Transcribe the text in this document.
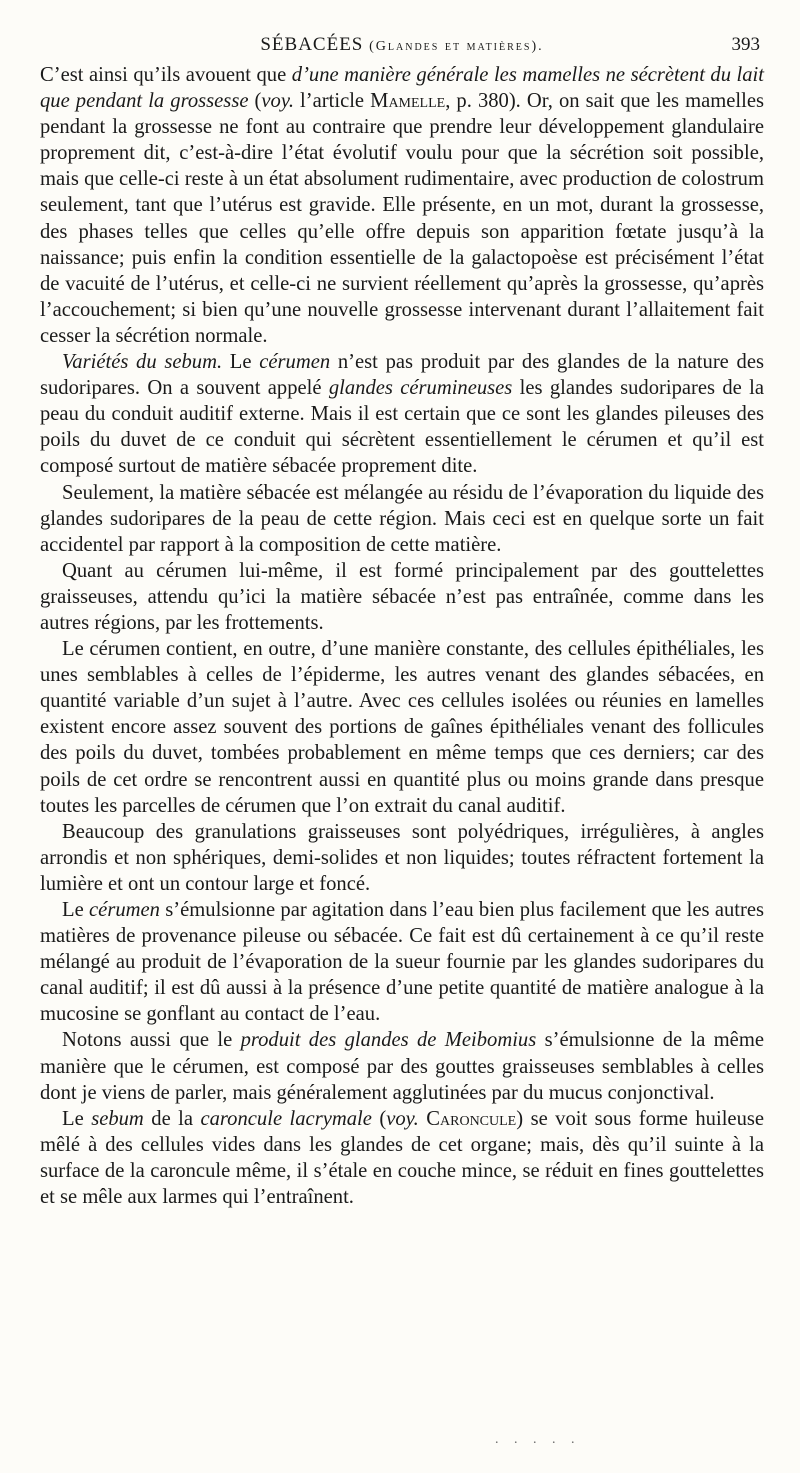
SÉBACÉES (Glandes et matières).	393

C’est ainsi qu’ils avouent que d’une manière générale les mamelles ne sécrètent du lait que pendant la grossesse (voy. l’article Mamelle, p. 380). Or, on sait que les mamelles pendant la grossesse ne font au contraire que prendre leur développement glandulaire proprement dit, c’est-à-dire l’état évolutif voulu pour que la sécrétion soit possible, mais que celle-ci reste à un état absolument rudimentaire, avec production de colostrum seulement, tant que l’utérus est gravide. Elle présente, en un mot, durant la grossesse, des phases telles que celles qu’elle offre depuis son apparition fœtate jusqu’à la naissance; puis enfin la condition essentielle de la galactopoèse est précisément l’état de vacuité de l’utérus, et celle-ci ne survient réellement qu’après la grossesse, qu’après l’accouchement; si bien qu’une nouvelle grossesse intervenant durant l’allaitement fait cesser la sécrétion normale.

Variétés du sebum. Le cérumen n’est pas produit par des glandes de la nature des sudoripares. On a souvent appelé glandes cérumineuses les glandes sudoripares de la peau du conduit auditif externe. Mais il est certain que ce sont les glandes pileuses des poils du duvet de ce conduit qui sécrètent essentiellement le cérumen et qu’il est composé surtout de matière sébacée proprement dite.

Seulement, la matière sébacée est mélangée au résidu de l’évaporation du liquide des glandes sudoripares de la peau de cette région. Mais ceci est en quelque sorte un fait accidentel par rapport à la composition de cette matière.

Quant au cérumen lui-même, il est formé principalement par des gouttelettes graisseuses, attendu qu’ici la matière sébacée n’est pas entraînée, comme dans les autres régions, par les frottements.

Le cérumen contient, en outre, d’une manière constante, des cellules épithéliales, les unes semblables à celles de l’épiderme, les autres venant des glandes sébacées, en quantité variable d’un sujet à l’autre. Avec ces cellules isolées ou réunies en lamelles existent encore assez souvent des portions de gaînes épithéliales venant des follicules des poils du duvet, tombées probablement en même temps que ces derniers; car des poils de cet ordre se rencontrent aussi en quantité plus ou moins grande dans presque toutes les parcelles de cérumen que l’on extrait du canal auditif.

Beaucoup des granulations graisseuses sont polyédriques, irrégulières, à angles arrondis et non sphériques, demi-solides et non liquides; toutes réfractent fortement la lumière et ont un contour large et foncé.

Le cérumen s’émulsionne par agitation dans l’eau bien plus facilement que les autres matières de provenance pileuse ou sébacée. Ce fait est dû certainement à ce qu’il reste mélangé au produit de l’évaporation de la sueur fournie par les glandes sudoripares du canal auditif; il est dû aussi à la présence d’une petite quantité de matière analogue à la mucosine se gonflant au contact de l’eau.

Notons aussi que le produit des glandes de Meibomius s’émulsionne de la même manière que le cérumen, est composé par des gouttes graisseuses semblables à celles dont je viens de parler, mais généralement agglutinées par du mucus conjonctival.

Le sebum de la caroncule lacrymale (voy. Caroncule) se voit sous forme huileuse mêlé à des cellules vides dans les glandes de cet organe; mais, dès qu’il suinte à la surface de la caroncule même, il s’étale en couche mince, se réduit en fines gouttelettes et se mêle aux larmes qui l’entraînent.

. . . . .
